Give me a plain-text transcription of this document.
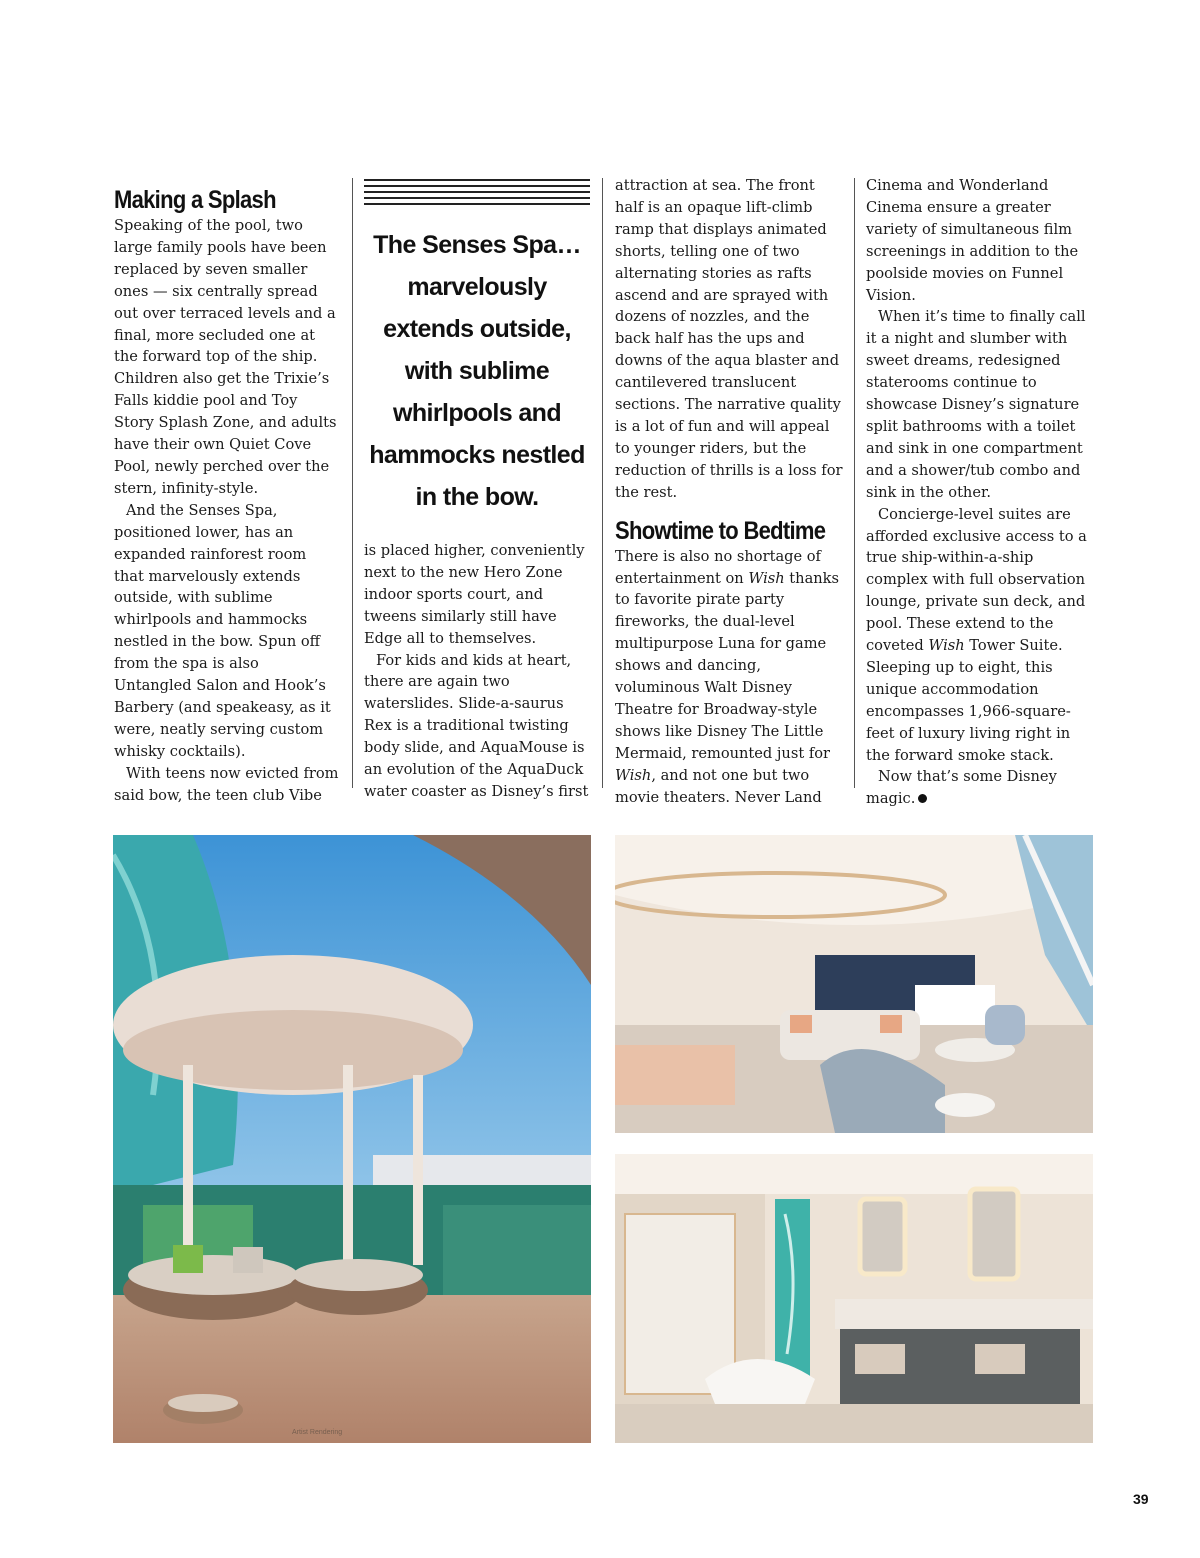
Making a Splash

Speaking of the pool, two large family pools have been replaced by seven smaller ones — six centrally spread out over terraced levels and a final, more secluded one at the forward top of the ship. Children also get the Trixie’s Falls kiddie pool and Toy Story Splash Zone, and adults have their own Quiet Cove Pool, newly perched over the stern, infinity-style.

And the Senses Spa, positioned lower, has an expanded rainforest room that marvelously extends outside, with sublime whirlpools and hammocks nestled in the bow. Spun off from the spa is also Untangled Salon and Hook’s Barbery (and speakeasy, as it were, neatly serving custom whisky cocktails).

With teens now evicted from said bow, the teen club Vibe

The Senses Spa… marvelously extends outside, with sublime whirlpools and hammocks nestled in the bow.

is placed higher, conveniently next to the new Hero Zone indoor sports court, and tweens similarly still have Edge all to themselves.

For kids and kids at heart, there are again two waterslides. Slide-a-saurus Rex is a traditional twisting body slide, and AquaMouse is an evolution of the AquaDuck water coaster as Disney’s first

attraction at sea. The front half is an opaque lift-climb ramp that displays animated shorts, telling one of two alternating stories as rafts ascend and are sprayed with dozens of nozzles, and the back half has the ups and downs of the aqua blaster and cantilevered translucent sections. The narrative quality is a lot of fun and will appeal to younger riders, but the reduction of thrills is a loss for the rest.

Showtime to Bedtime

There is also no shortage of entertainment on Wish thanks to favorite pirate party fireworks, the dual-level multipurpose Luna for game shows and dancing, voluminous Walt Disney Theatre for Broadway-style shows like Disney The Little Mermaid, remounted just for Wish, and not one but two movie theaters. Never Land

Cinema and Wonderland Cinema ensure a greater variety of simultaneous film screenings in addition to the poolside movies on Funnel Vision.

When it’s time to finally call it a night and slumber with sweet dreams, redesigned staterooms continue to showcase Disney’s signature split bathrooms with a toilet and sink in one compartment and a shower/tub combo and sink in the other.

Concierge-level suites are afforded exclusive access to a true ship-within-a-ship complex with full observation lounge, private sun deck, and pool. These extend to the coveted Wish Tower Suite. Sleeping up to eight, this unique accommodation encompasses 1,966-square-feet of luxury living right in the forward smoke stack.

Now that’s some Disney magic.

Artist Rendering
39
